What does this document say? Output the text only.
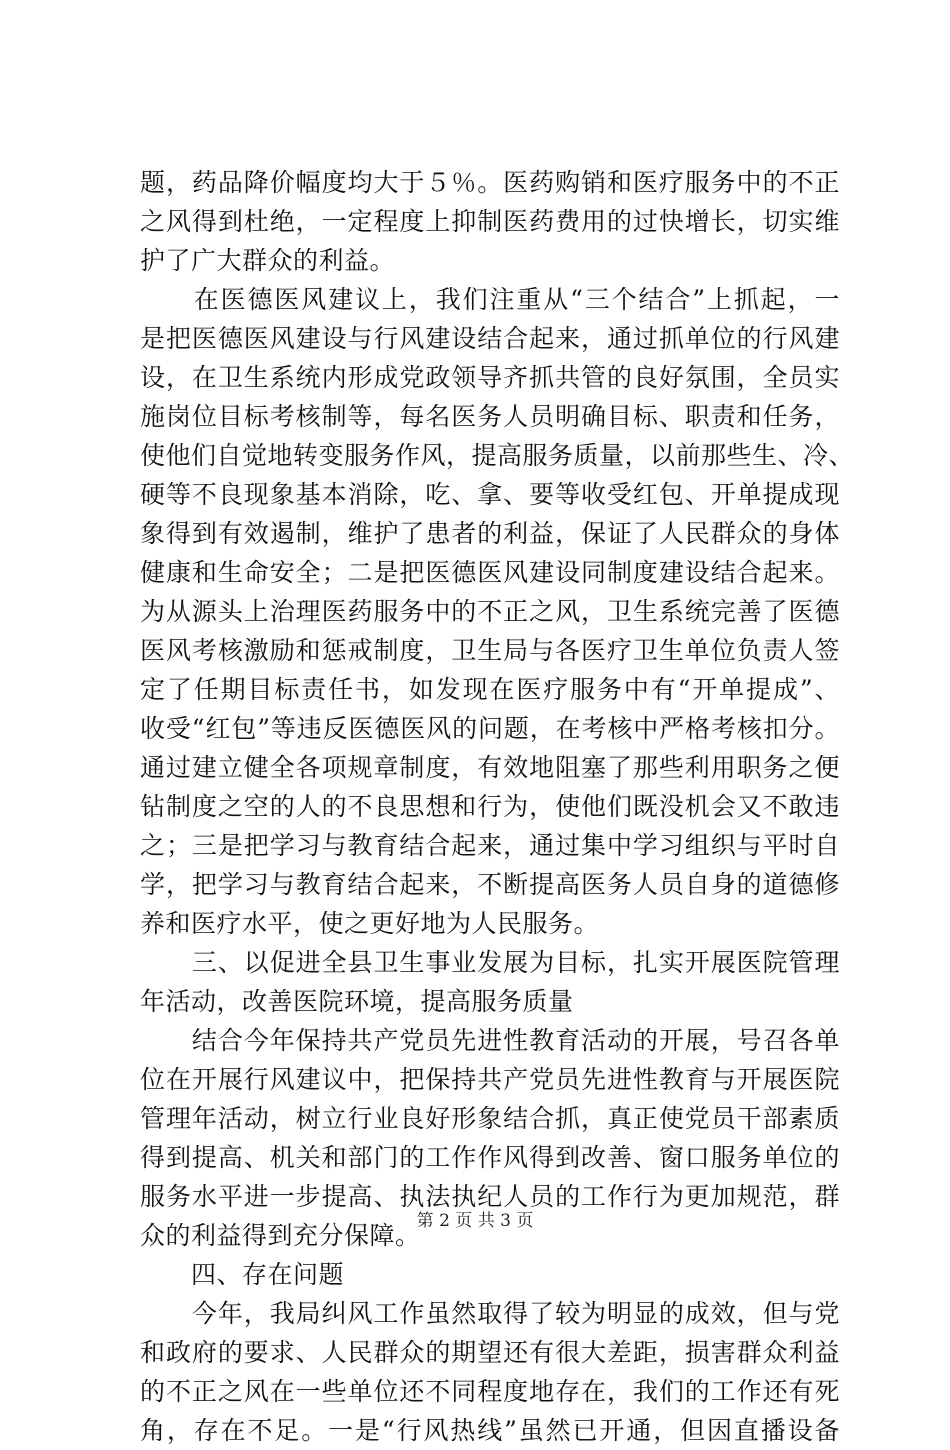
题，药品降价幅度均大于５％。医药购销和医疗服务中的不正
之风得到杜绝，一定程度上抑制医药费用的过快增长，切实维
护了广大群众的利益。
　　在医德医风建议上，我们注重从“三个结合”上抓起，一
是把医德医风建设与行风建设结合起来，通过抓单位的行风建
设，在卫生系统内形成党政领导齐抓共管的良好氛围，全员实
施岗位目标考核制等，每名医务人员明确目标、职责和任务，
使他们自觉地转变服务作风，提高服务质量，以前那些生、冷、
硬等不良现象基本消除，吃、拿、要等收受红包、开单提成现
象得到有效遏制，维护了患者的利益，保证了人民群众的身体
健康和生命安全；二是把医德医风建设同制度建设结合起来。
为从源头上治理医药服务中的不正之风，卫生系统完善了医德
医风考核激励和惩戒制度，卫生局与各医疗卫生单位负责人签
定了任期目标责任书，如发现在医疗服务中有“开单提成”、
收受“红包”等违反医德医风的问题，在考核中严格考核扣分。
通过建立健全各项规章制度，有效地阻塞了那些利用职务之便
钻制度之空的人的不良思想和行为，使他们既没机会又不敢违
之；三是把学习与教育结合起来，通过集中学习组织与平时自
学，把学习与教育结合起来，不断提高医务人员自身的道德修
养和医疗水平，使之更好地为人民服务。
　　三、以促进全县卫生事业发展为目标，扎实开展医院管理
年活动，改善医院环境，提高服务质量
　　结合今年保持共产党员先进性教育活动的开展，号召各单
位在开展行风建议中，把保持共产党员先进性教育与开展医院
管理年活动，树立行业良好形象结合抓，真正使党员干部素质
得到提高、机关和部门的工作作风得到改善、窗口服务单位的
服务水平进一步提高、执法执纪人员的工作行为更加规范，群
众的利益得到充分保障。
　　四、存在问题
　　今年，我局纠风工作虽然取得了较为明显的成效，但与党
和政府的要求、人民群众的期望还有很大差距，损害群众利益
的不正之风在一些单位还不同程度地存在，我们的工作还有死
角，存在不足。一是“行风热线”虽然已开通，但因直播设备
第 2 页 共 3 页
